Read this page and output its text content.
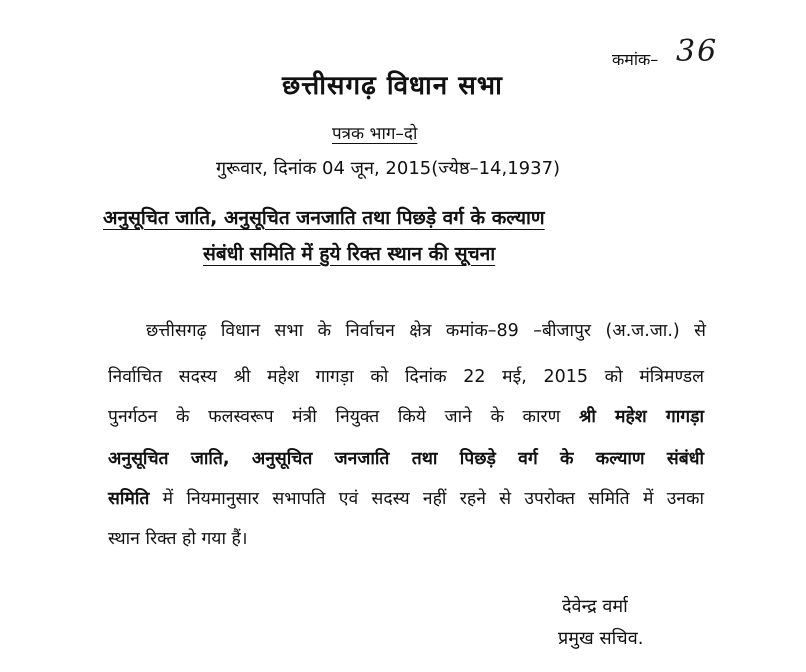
कमांक– 36
छत्तीसगढ़ विधान सभा
पत्रक भाग–दो
गुरूवार, दिनांक 04 जून, 2015(ज्येष्ठ–14,1937)
अनुसूचित जाति, अनुसूचित जनजाति तथा पिछड़े वर्ग के कल्याण
संबंधी समिति में हुये रिक्त स्थान की सूचना
छत्तीसगढ़ विधान सभा के निर्वाचन क्षेत्र कमांक–89 –बीजापुर (अ.ज.जा.) से
निर्वाचित सदस्य श्री महेश गागड़ा को दिनांक 22 मई, 2015 को मंत्रिमण्डल
पुनर्गठन के फलस्वरूप मंत्री नियुक्त किये जाने के कारण श्री महेश गागड़ा
अनुसूचित जाति, अनुसूचित जनजाति तथा पिछड़े वर्ग के कल्याण संबंधी
समिति में नियमानुसार सभापति एवं सदस्य नहीं रहने से उपरोक्त समिति में उनका
स्थान रिक्त हो गया हैं।
देवेन्द्र वर्मा
प्रमुख सचिव.
